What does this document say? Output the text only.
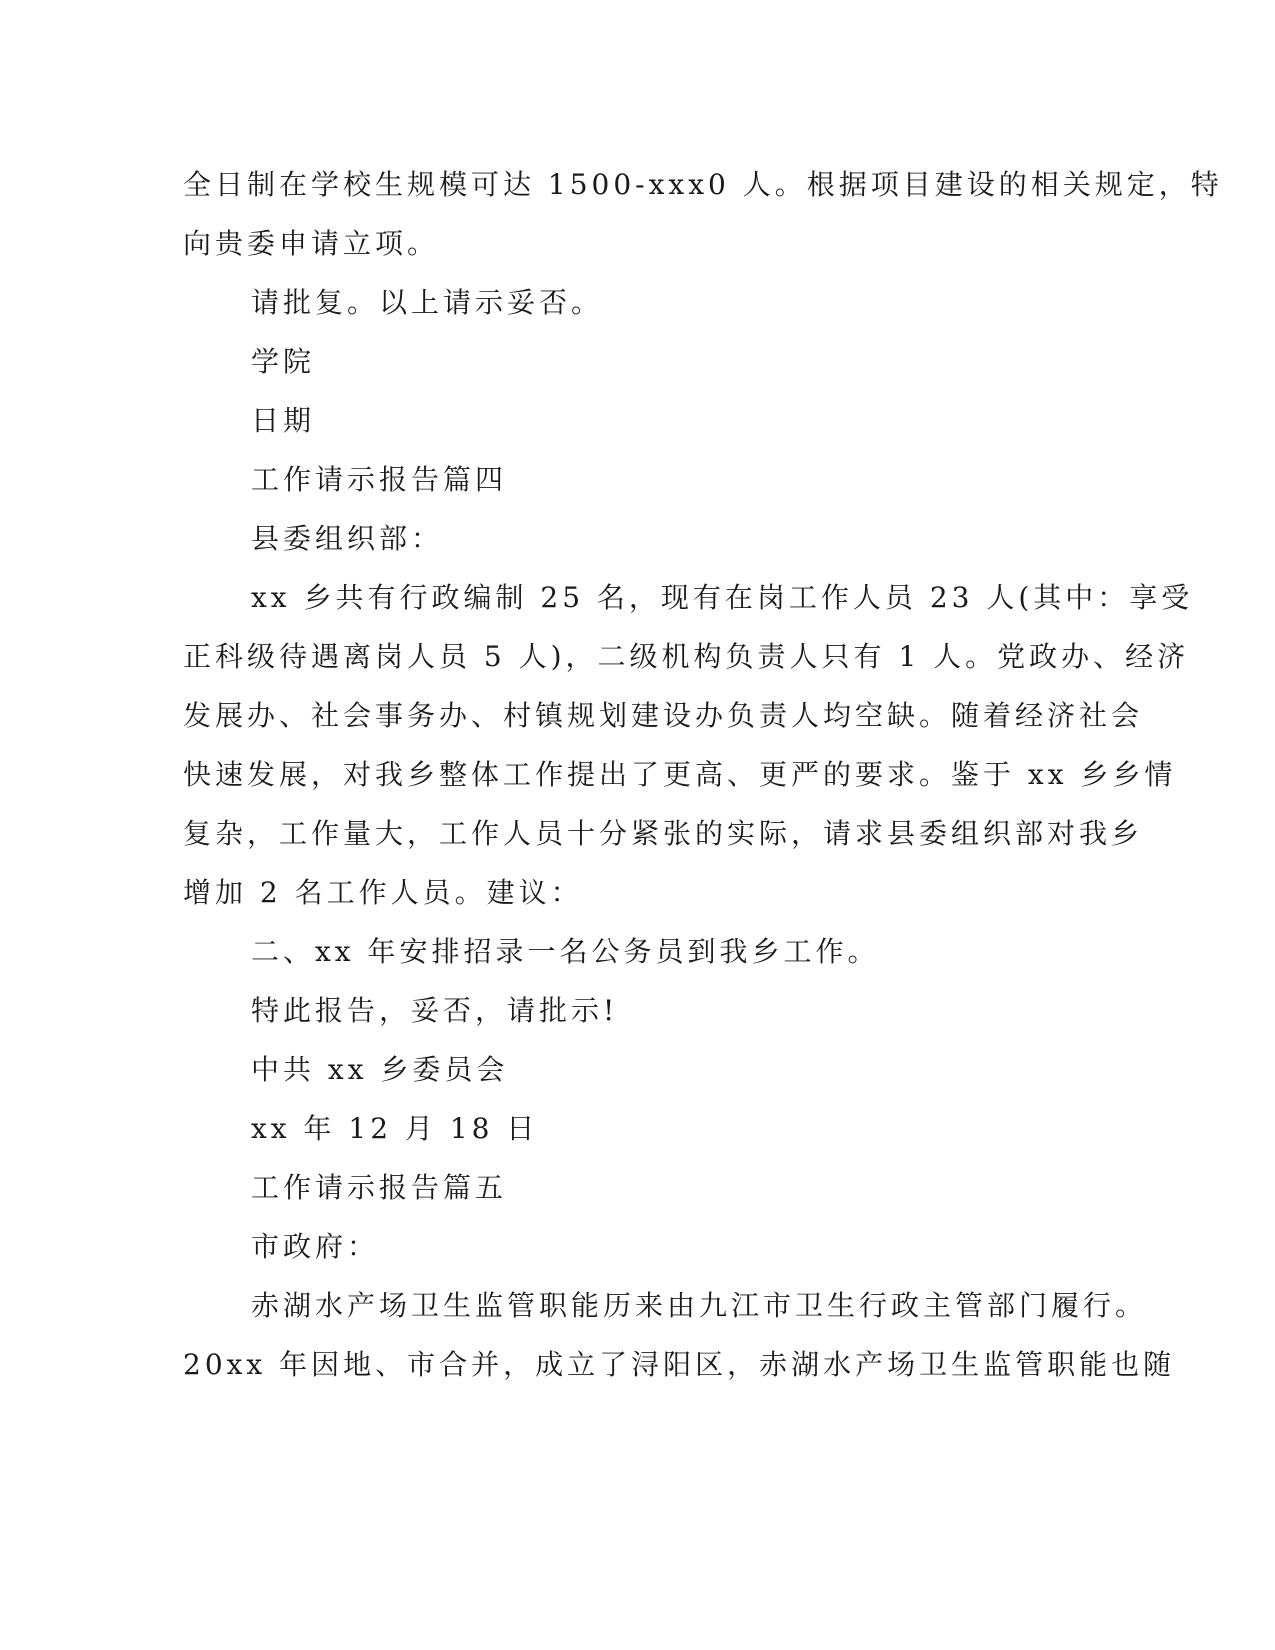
全日制在学校生规模可达 1500-xxx0 人。根据项目建设的相关规定，特
向贵委申请立项。
请批复。以上请示妥否。
学院
日期
工作请示报告篇四
县委组织部：
xx 乡共有行政编制 25 名，现有在岗工作人员 23 人(其中：享受
正科级待遇离岗人员 5 人)，二级机构负责人只有 1 人。党政办、经济
发展办、社会事务办、村镇规划建设办负责人均空缺。随着经济社会
快速发展，对我乡整体工作提出了更高、更严的要求。鉴于 xx 乡乡情
复杂，工作量大，工作人员十分紧张的实际，请求县委组织部对我乡
增加 2 名工作人员。建议：
二、xx 年安排招录一名公务员到我乡工作。
特此报告，妥否，请批示!
中共 xx 乡委员会
xx 年 12 月 18 日
工作请示报告篇五
市政府：
赤湖水产场卫生监管职能历来由九江市卫生行政主管部门履行。
20xx 年因地、市合并，成立了浔阳区，赤湖水产场卫生监管职能也随
